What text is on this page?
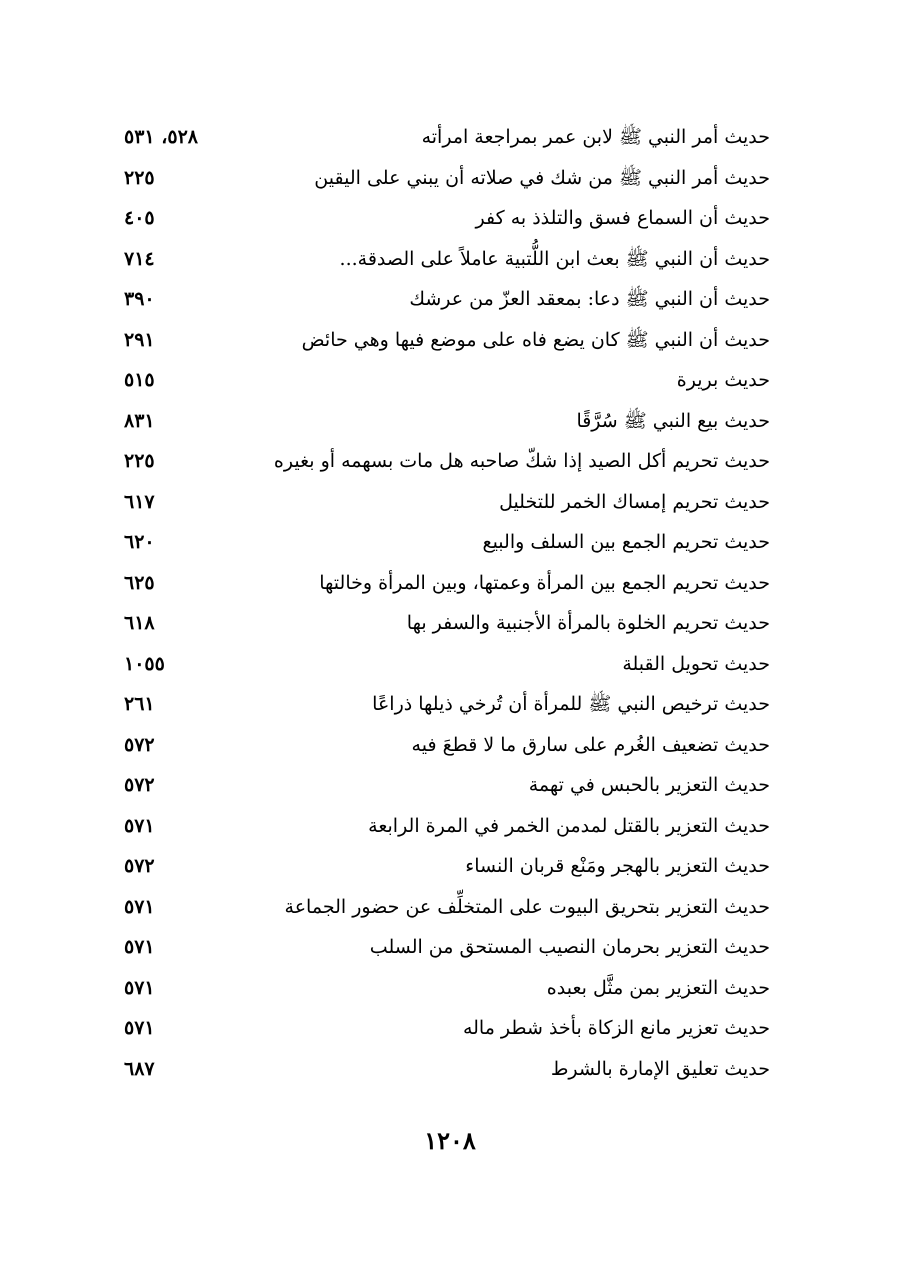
حديث أمر النبي ﷺ لابن عمر بمراجعة امرأته
٥٢٨، ٥٣١
حديث أمر النبي ﷺ من شك في صلاته أن يبني على اليقين
٢٢٥
حديث أن السماع فسق والتلذذ به كفر
٤٠٥
حديث أن النبي ﷺ بعث ابن اللُّتبية عاملاً على الصدقة...
٧١٤
حديث أن النبي ﷺ دعا: بمعقد العزّ من عرشك
٣٩٠
حديث أن النبي ﷺ كان يضع فاه على موضع فيها وهي حائض
٢٩١
حديث بريرة
٥١٥
حديث بيع النبي ﷺ سُرَّقًا
٨٣١
حديث تحريم أكل الصيد إذا شكّ صاحبه هل مات بسهمه أو بغيره
٢٢٥
حديث تحريم إمساك الخمر للتخليل
٦١٧
حديث تحريم الجمع بين السلف والبيع
٦٢٠
حديث تحريم الجمع بين المرأة وعمتها، وبين المرأة وخالتها
٦٢٥
حديث تحريم الخلوة بالمرأة الأجنبية والسفر بها
٦١٨
حديث تحويل القبلة
١٠٥٥
حديث ترخيص النبي ﷺ للمرأة أن تُرخي ذيلها ذراعًا
٢٦١
حديث تضعيف الغُرم على سارق ما لا قطعَ فيه
٥٧٢
حديث التعزير بالحبس في تهمة
٥٧٢
حديث التعزير بالقتل لمدمن الخمر في المرة الرابعة
٥٧١
حديث التعزير بالهجر ومَنْع قربان النساء
٥٧٢
حديث التعزير بتحريق البيوت على المتخلِّف عن حضور الجماعة
٥٧١
حديث التعزير بحرمان النصيب المستحق من السلب
٥٧١
حديث التعزير بمن مثَّل بعبده
٥٧١
حديث تعزير مانع الزكاة بأخذ شطر ماله
٥٧١
حديث تعليق الإمارة بالشرط
٦٨٧
١٢٠٨
